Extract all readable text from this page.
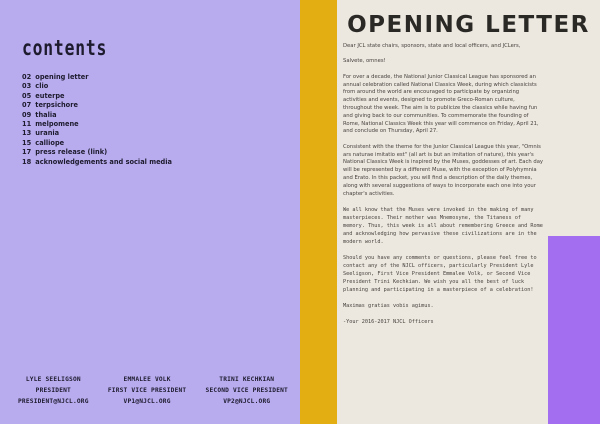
contents
02 opening letter
03 clio
05 euterpe
07 terpsichore
09 thalia
11 melpomene
13 urania
15 calliope
17 press release (link)
18 acknowledgements and social media
LYLE SEELIGSON
PRESIDENT
PRESIDENT@NJCL.ORG
EMMALEE VOLK
FIRST VICE PRESIDENT
VP1@NJCL.ORG
TRINI KECHKIAN
SECOND VICE PRESIDENT
VP2@NJCL.ORG
OPENING LETTER

Dear JCL state chairs, sponsors, state and local officers, and JCLers,

Salvete, omnes!

For over a decade, the National Junior Classical League has sponsored an annual celebration called National Classics Week, during which classicists from around the world are encouraged to participate by organizing activities and events, designed to promote Greco-Roman culture, throughout the week. The aim is to publicize the classics while having fun and giving back to our communities. To commemorate the founding of Rome, National Classics Week this year will commence on Friday, April 21, and conclude on Thursday, April 27.

Consistent with the theme for the Junior Classical League this year, "Omnis ars naturae imitatio est" (all art is but an imitation of nature), this year's National Classics Week is inspired by the Muses, goddesses of art. Each day will be represented by a different Muse, with the exception of Polyhymnia and Erato. In this packet, you will find a description of the daily themes, along with several suggestions of ways to incorporate each one into your chapter's activities.

We all know that the Muses were invoked in the making of many masterpieces. Their mother was Mnemosyne, the Titaness of memory. Thus, this week is all about remembering Greece and Rome and acknowledging how pervasive these civilizations are in the modern world.

Should you have any comments or questions, please feel free to contact any of the NJCL officers, particularly President Lyle Seeligson, First Vice President Emmalee Volk, or Second Vice President Trini Kechkian. We wish you all the best of luck planning and participating in a masterpiece of a celebration!

Maximas gratias vobis agimus.

-Your 2016-2017 NJCL Officers
